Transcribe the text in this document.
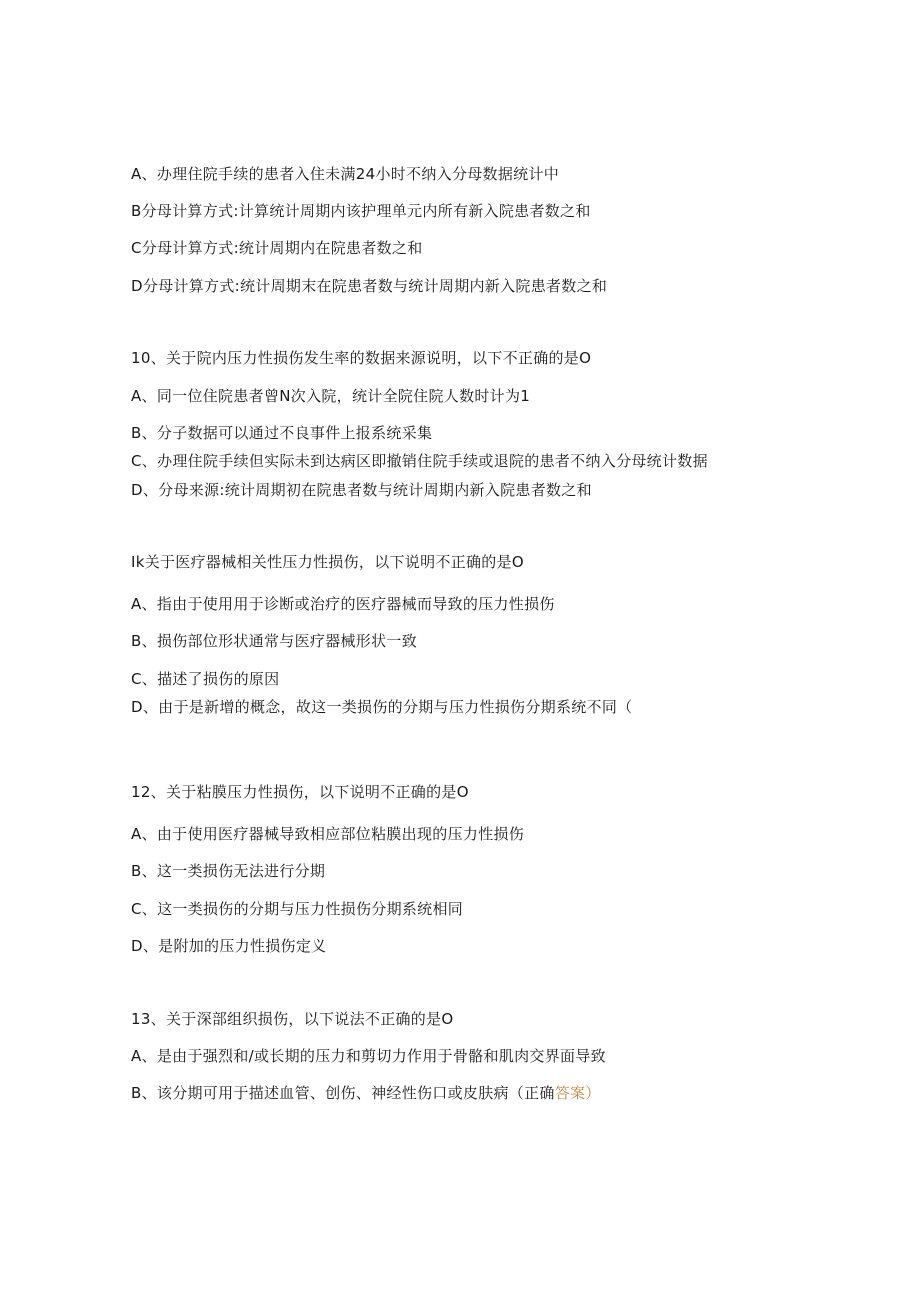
A、办理住院手续的患者入住未满24小时不纳入分母数据统计中
B分母计算方式:计算统计周期内该护理单元内所有新入院患者数之和
C分母计算方式:统计周期内在院患者数之和
D分母计算方式:统计周期末在院患者数与统计周期内新入院患者数之和
10、关于院内压力性损伤发生率的数据来源说明，以下不正确的是O
A、同一位住院患者曾N次入院，统计全院住院人数时计为1
B、分子数据可以通过不良事件上报系统采集
C、办理住院手续但实际未到达病区即撤销住院手续或退院的患者不纳入分母统计数据
D、分母来源:统计周期初在院患者数与统计周期内新入院患者数之和
Ik关于医疗器械相关性压力性损伤，以下说明不正确的是O
A、指由于使用用于诊断或治疗的医疗器械而导致的压力性损伤
B、损伤部位形状通常与医疗器械形状一致
C、描述了损伤的原因
D、由于是新增的概念，故这一类损伤的分期与压力性损伤分期系统不同（
12、关于粘膜压力性损伤，以下说明不正确的是O
A、由于使用医疗器械导致相应部位粘膜出现的压力性损伤
B、这一类损伤无法进行分期
C、这一类损伤的分期与压力性损伤分期系统相同
D、是附加的压力性损伤定义
13、关于深部组织损伤，以下说法不正确的是O
A、是由于强烈和/或长期的压力和剪切力作用于骨骼和肌肉交界面导致
B、该分期可用于描述血管、创伤、神经性伤口或皮肤病（正确答案）
